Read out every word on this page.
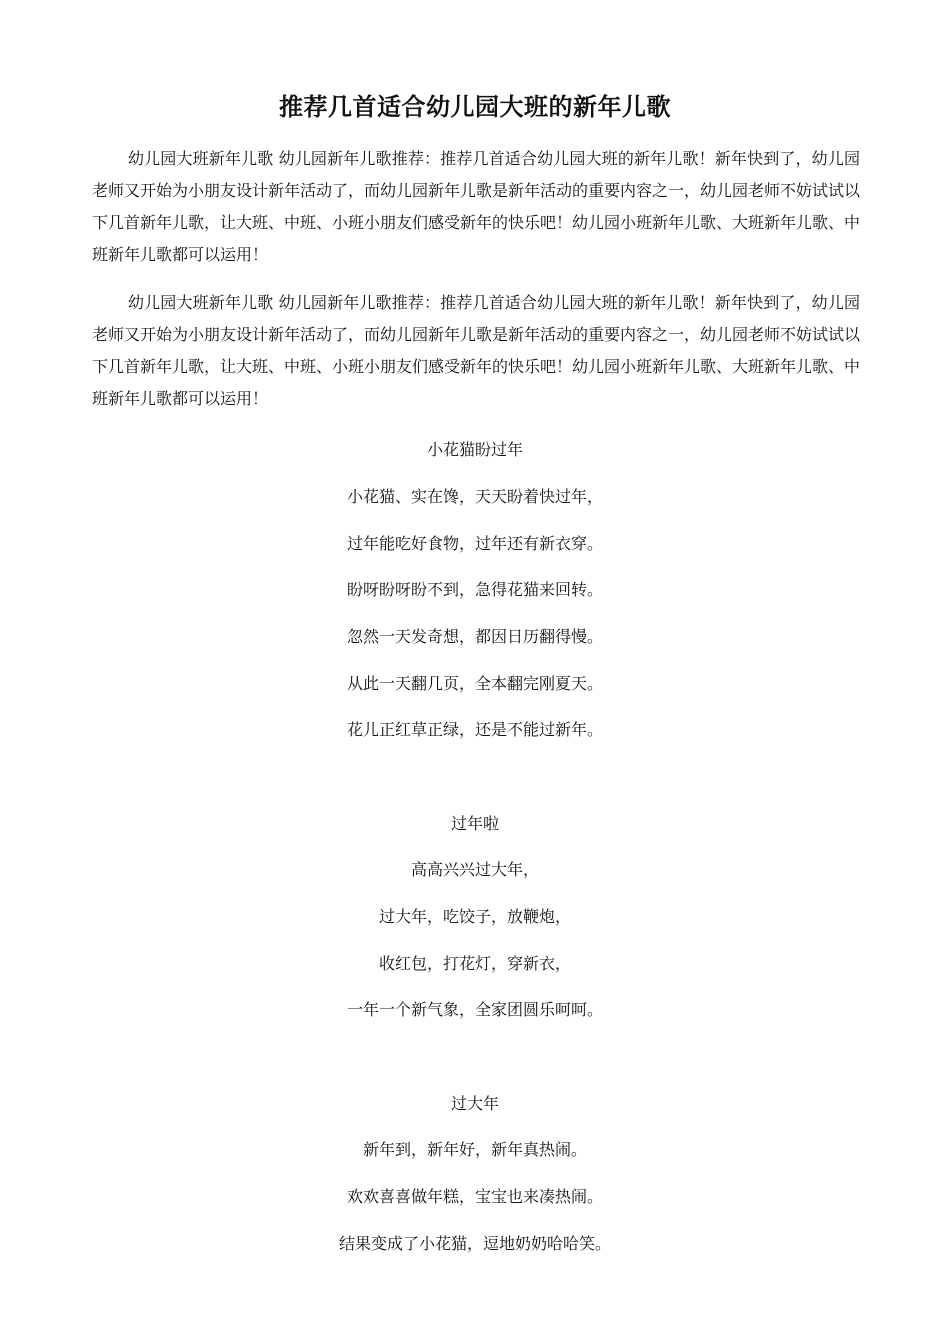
推荐几首适合幼儿园大班的新年儿歌

幼儿园大班新年儿歌 幼儿园新年儿歌推荐：推荐几首适合幼儿园大班的新年儿歌！新年快到了，幼儿园老师又开始为小朋友设计新年活动了，而幼儿园新年儿歌是新年活动的重要内容之一，幼儿园老师不妨试试以下几首新年儿歌，让大班、中班、小班小朋友们感受新年的快乐吧！幼儿园小班新年儿歌、大班新年儿歌、中班新年儿歌都可以运用！

幼儿园大班新年儿歌 幼儿园新年儿歌推荐：推荐几首适合幼儿园大班的新年儿歌！新年快到了，幼儿园老师又开始为小朋友设计新年活动了，而幼儿园新年儿歌是新年活动的重要内容之一，幼儿园老师不妨试试以下几首新年儿歌，让大班、中班、小班小朋友们感受新年的快乐吧！幼儿园小班新年儿歌、大班新年儿歌、中班新年儿歌都可以运用！

小花猫盼过年
小花猫、实在馋，天天盼着快过年，
过年能吃好食物，过年还有新衣穿。
盼呀盼呀盼不到，急得花猫来回转。
忽然一天发奇想，都因日历翻得慢。
从此一天翻几页，全本翻完刚夏天。
花儿正红草正绿，还是不能过新年。
过年啦
高高兴兴过大年，
过大年，吃饺子，放鞭炮，
收红包，打花灯，穿新衣，
一年一个新气象，全家团圆乐呵呵。
过大年
新年到，新年好，新年真热闹。
欢欢喜喜做年糕，宝宝也来凑热闹。
结果变成了小花猫，逗地奶奶哈哈笑。
